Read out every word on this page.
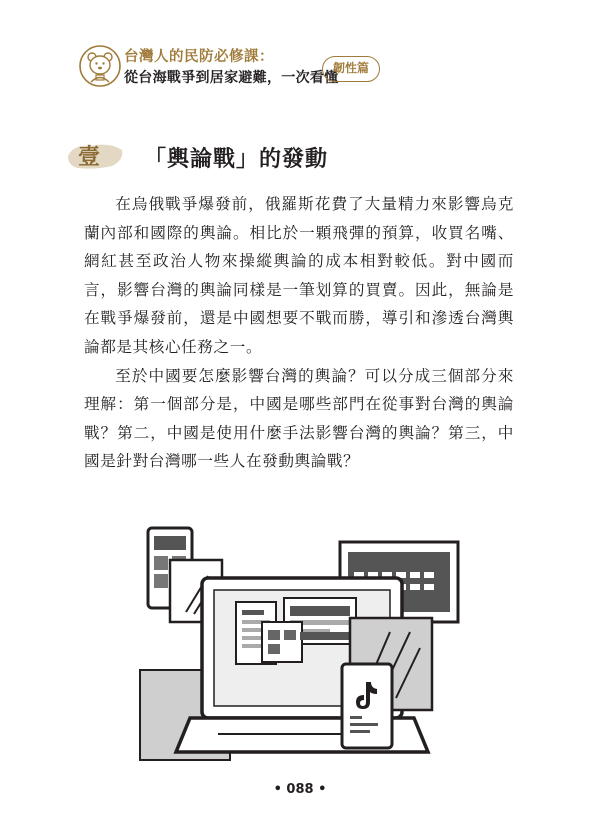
台灣人的民防必修課：
從台海戰爭到居家避難，一次看懂
韌性篇
壹 「輿論戰」的發動

在烏俄戰爭爆發前，俄羅斯花費了大量精力來影響烏克蘭內部和國際的輿論。相比於一顆飛彈的預算，收買名嘴、網紅甚至政治人物來操縱輿論的成本相對較低。對中國而言，影響台灣的輿論同樣是一筆划算的買賣。因此，無論是在戰爭爆發前，還是中國想要不戰而勝，導引和滲透台灣輿論都是其核心任務之一。

至於中國要怎麼影響台灣的輿論？可以分成三個部分來理解：第一個部分是，中國是哪些部門在從事對台灣的輿論戰？第二，中國是使用什麼手法影響台灣的輿論？第三，中國是針對台灣哪一些人在發動輿論戰？

• 088 •
